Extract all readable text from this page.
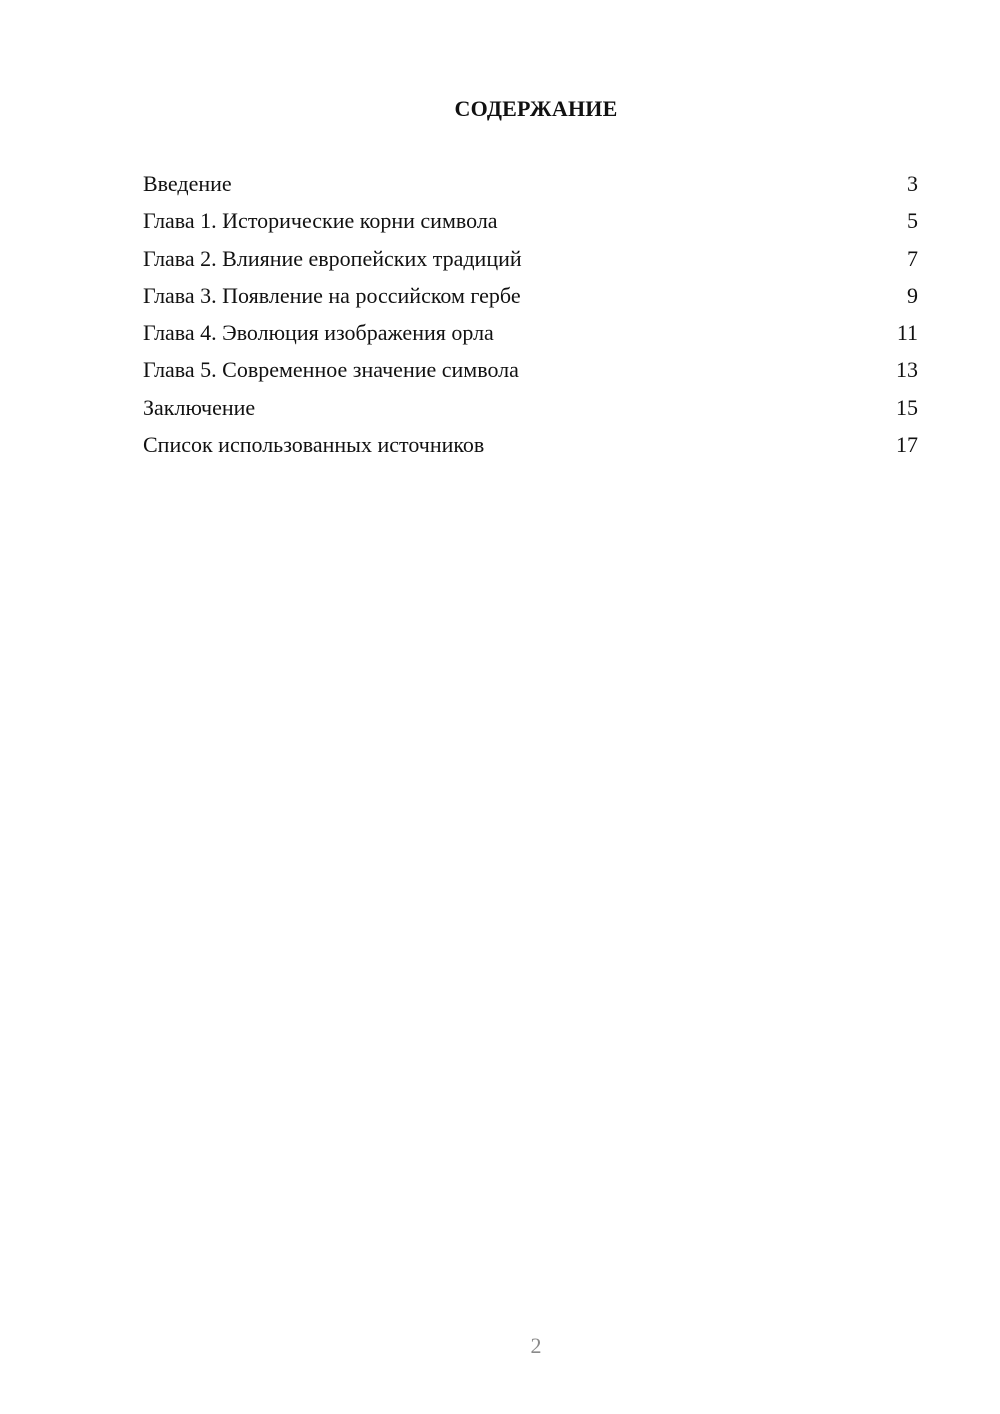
СОДЕРЖАНИЕ
Введение	3
Глава 1. Исторические корни символа	5
Глава 2. Влияние европейских традиций	7
Глава 3. Появление на российском гербе	9
Глава 4. Эволюция изображения орла	11
Глава 5. Современное значение символа	13
Заключение	15
Список использованных источников	17
2
